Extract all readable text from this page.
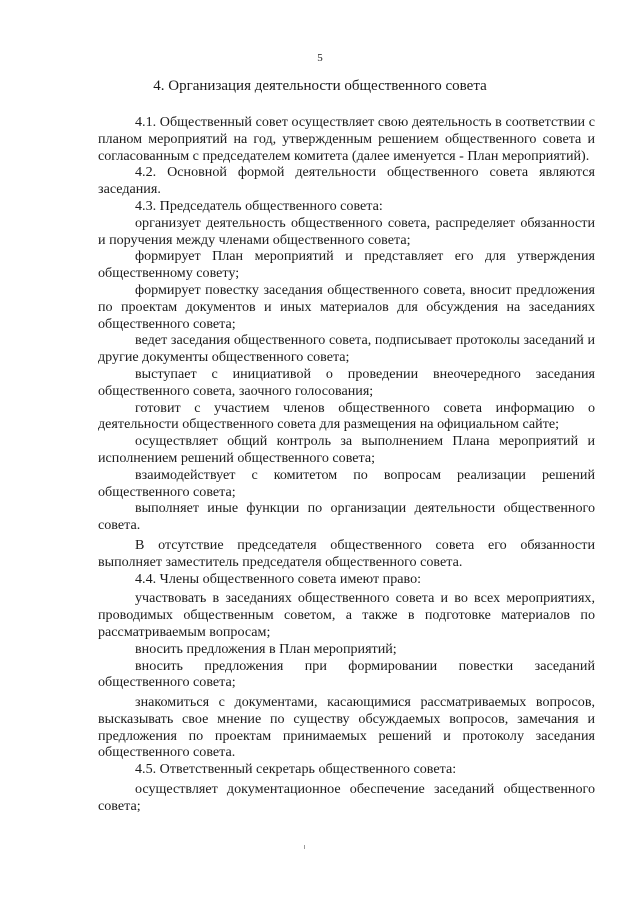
5
4. Организация деятельности общественного совета

4.1. Общественный совет осуществляет свою деятельность в соответствии с планом мероприятий на год, утвержденным решением общественного совета и согласованным с председателем комитета (далее именуется - План мероприятий).

4.2. Основной формой деятельности общественного совета являются заседания.

4.3. Председатель общественного совета:

организует деятельность общественного совета, распределяет обязанности и поручения между членами общественного совета;

формирует План мероприятий и представляет его для утверждения общественному совету;

формирует повестку заседания общественного совета, вносит предложения по проектам документов и иных материалов для обсуждения на заседаниях общественного совета;

ведет заседания общественного совета, подписывает протоколы заседаний и другие документы общественного совета;

выступает с инициативой о проведении внеочередного заседания общественного совета, заочного голосования;

готовит с участием членов общественного совета информацию о деятельности общественного совета для размещения на официальном сайте;

осуществляет общий контроль за выполнением Плана мероприятий и исполнением решений общественного совета;

взаимодействует с комитетом по вопросам реализации решений общественного совета;

выполняет иные функции по организации деятельности общественного совета.

В отсутствие председателя общественного совета его обязанности выполняет заместитель председателя общественного совета.

4.4. Члены общественного совета имеют право:

участвовать в заседаниях общественного совета и во всех мероприятиях, проводимых общественным советом, а также в подготовке материалов по рассматриваемым вопросам;

вносить предложения в План мероприятий;

вносить предложения при формировании повестки заседаний общественного совета;

знакомиться с документами, касающимися рассматриваемых вопросов, высказывать свое мнение по существу обсуждаемых вопросов, замечания и предложения по проектам принимаемых решений и протоколу заседания общественного совета.

4.5. Ответственный секретарь общественного совета:

осуществляет документационное обеспечение заседаний общественного совета;
